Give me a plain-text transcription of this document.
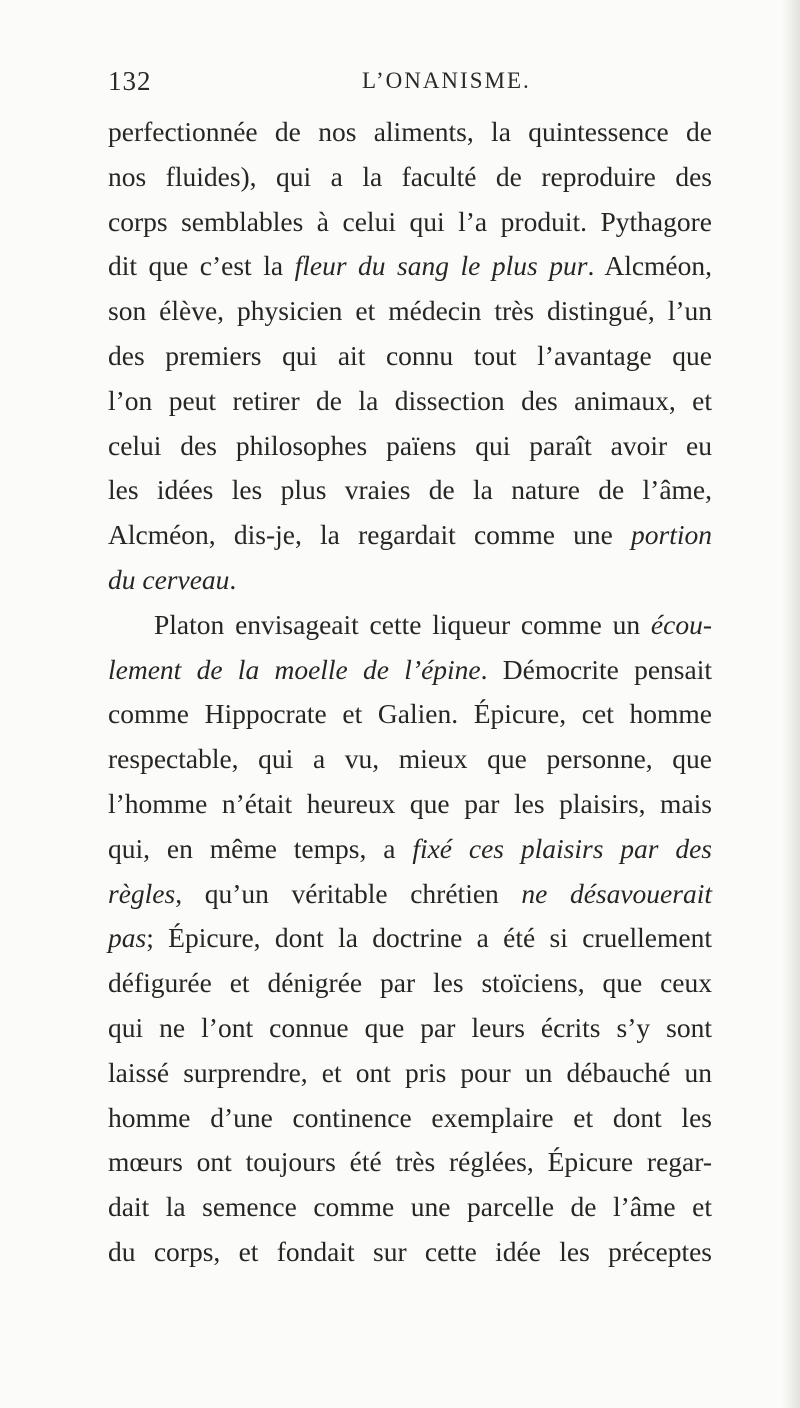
132	L’ONANISME.
perfectionnée de nos aliments, la quintessence de
nos fluides), qui a la faculté de reproduire des
corps semblables à celui qui l’a produit. Pythagore
dit que c’est la fleur du sang le plus pur. Alcméon,
son élève, physicien et médecin très distingué, l’un
des premiers qui ait connu tout l’avantage que
l’on peut retirer de la dissection des animaux, et
celui des philosophes païens qui paraît avoir eu
les idées les plus vraies de la nature de l’âme,
Alcméon, dis-je, la regardait comme une portion
du cerveau.
Platon envisageait cette liqueur comme un écou-
lement de la moelle de l’épine. Démocrite pensait
comme Hippocrate et Galien. Épicure, cet homme
respectable, qui a vu, mieux que personne, que
l’homme n’était heureux que par les plaisirs, mais
qui, en même temps, a fixé ces plaisirs par des
règles, qu’un véritable chrétien ne désavouerait
pas; Épicure, dont la doctrine a été si cruellement
défigurée et dénigrée par les stoïciens, que ceux
qui ne l’ont connue que par leurs écrits s’y sont
laissé surprendre, et ont pris pour un débauché un
homme d’une continence exemplaire et dont les
mœurs ont toujours été très réglées, Épicure regar-
dait la semence comme une parcelle de l’âme et
du corps, et fondait sur cette idée les préceptes
